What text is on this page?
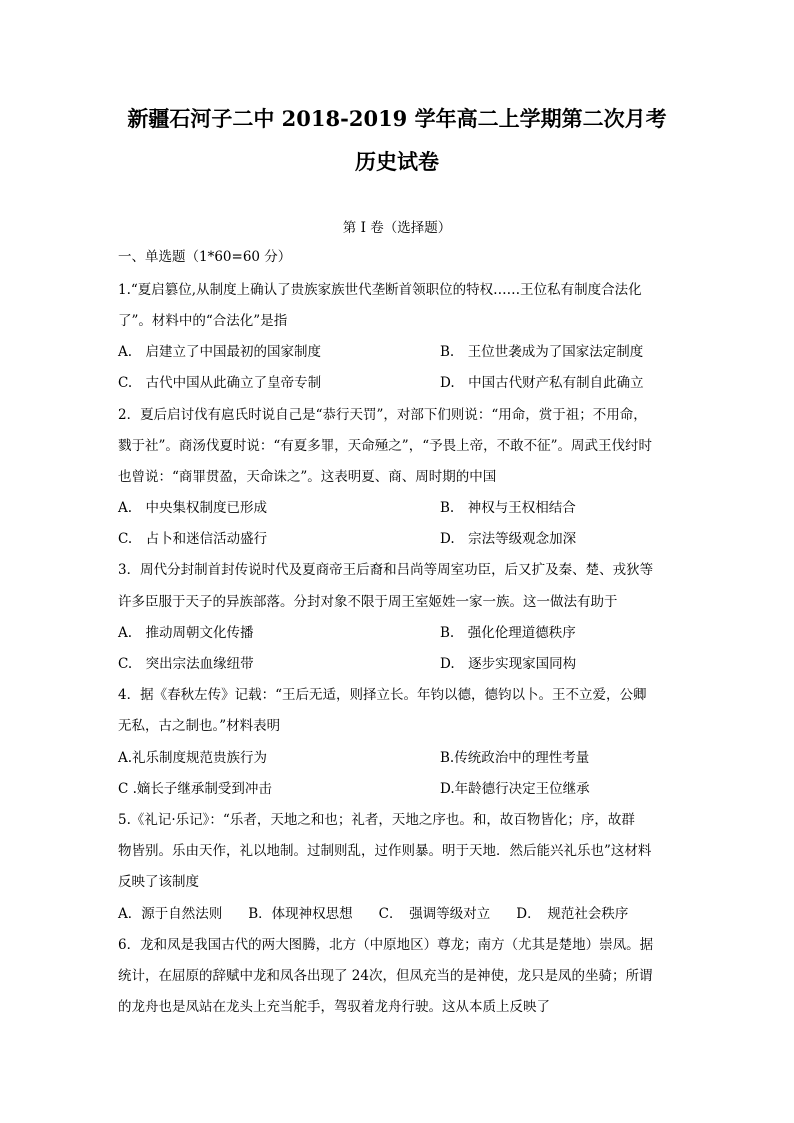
新疆石河子二中 2018-2019 学年高二上学期第二次月考
历史试卷
第 I 卷（选择题）
一、单选题（1*60=60 分）
1.“夏启篡位,从制度上确认了贵族家族世代垄断首领职位的特权……王位私有制度合法化
了”。材料中的“合法化”是指
A.　启建立了中国最初的国家制度	B.　王位世袭成为了国家法定制度
C.　古代中国从此确立了皇帝专制	D.　中国古代财产私有制自此确立
2．夏后启讨伐有扈氏时说自己是“恭行天罚”，对部下们则说：“用命，赏于祖；不用命，
戮于社”。商汤伐夏时说：“有夏多罪，天命殛之”，“予畏上帝，不敢不征”。周武王伐纣时
也曾说：“商罪贯盈，天命诛之”。这表明夏、商、周时期的中国
A.　中央集权制度已形成	B.　神权与王权相结合
C.　占卜和迷信活动盛行	D.　宗法等级观念加深
3．周代分封制首封传说时代及夏商帝王后裔和吕尚等周室功臣，后又扩及秦、楚、戎狄等
许多臣服于天子的异族部落。分封对象不限于周王室姬姓一家一族。这一做法有助于
A.　推动周朝文化传播	B.　强化伦理道德秩序
C.　突出宗法血缘纽带	D.　逐步实现家国同构
4．据《春秋左传》记载：“王后无适，则择立长。年钧以德，德钧以卜。王不立爱，公卿
无私，古之制也。”材料表明
A.礼乐制度规范贵族行为	B.传统政治中的理性考量
C .嫡长子继承制受到冲击	D.年龄德行决定王位继承
5.《礼记·乐记》：“乐者，天地之和也；礼者，天地之序也。和，故百物皆化；序，故群
物皆别。乐由天作，礼以地制。过制则乱，过作则暴。明于天地．然后能兴礼乐也”这材料
反映了该制度
A．源于自然法则 B．体现神权思想 C．　强调等级对立 D．　规范社会秩序
6．龙和凤是我国古代的两大图腾，北方（中原地区）尊龙；南方（尤其是楚地）崇凤。据
统计，在屈原的辞赋中龙和凤各出现了 24次，但凤充当的是神使，龙只是凤的坐骑；所谓
的龙舟也是凤站在龙头上充当舵手，驾驭着龙舟行驶。这从本质上反映了
